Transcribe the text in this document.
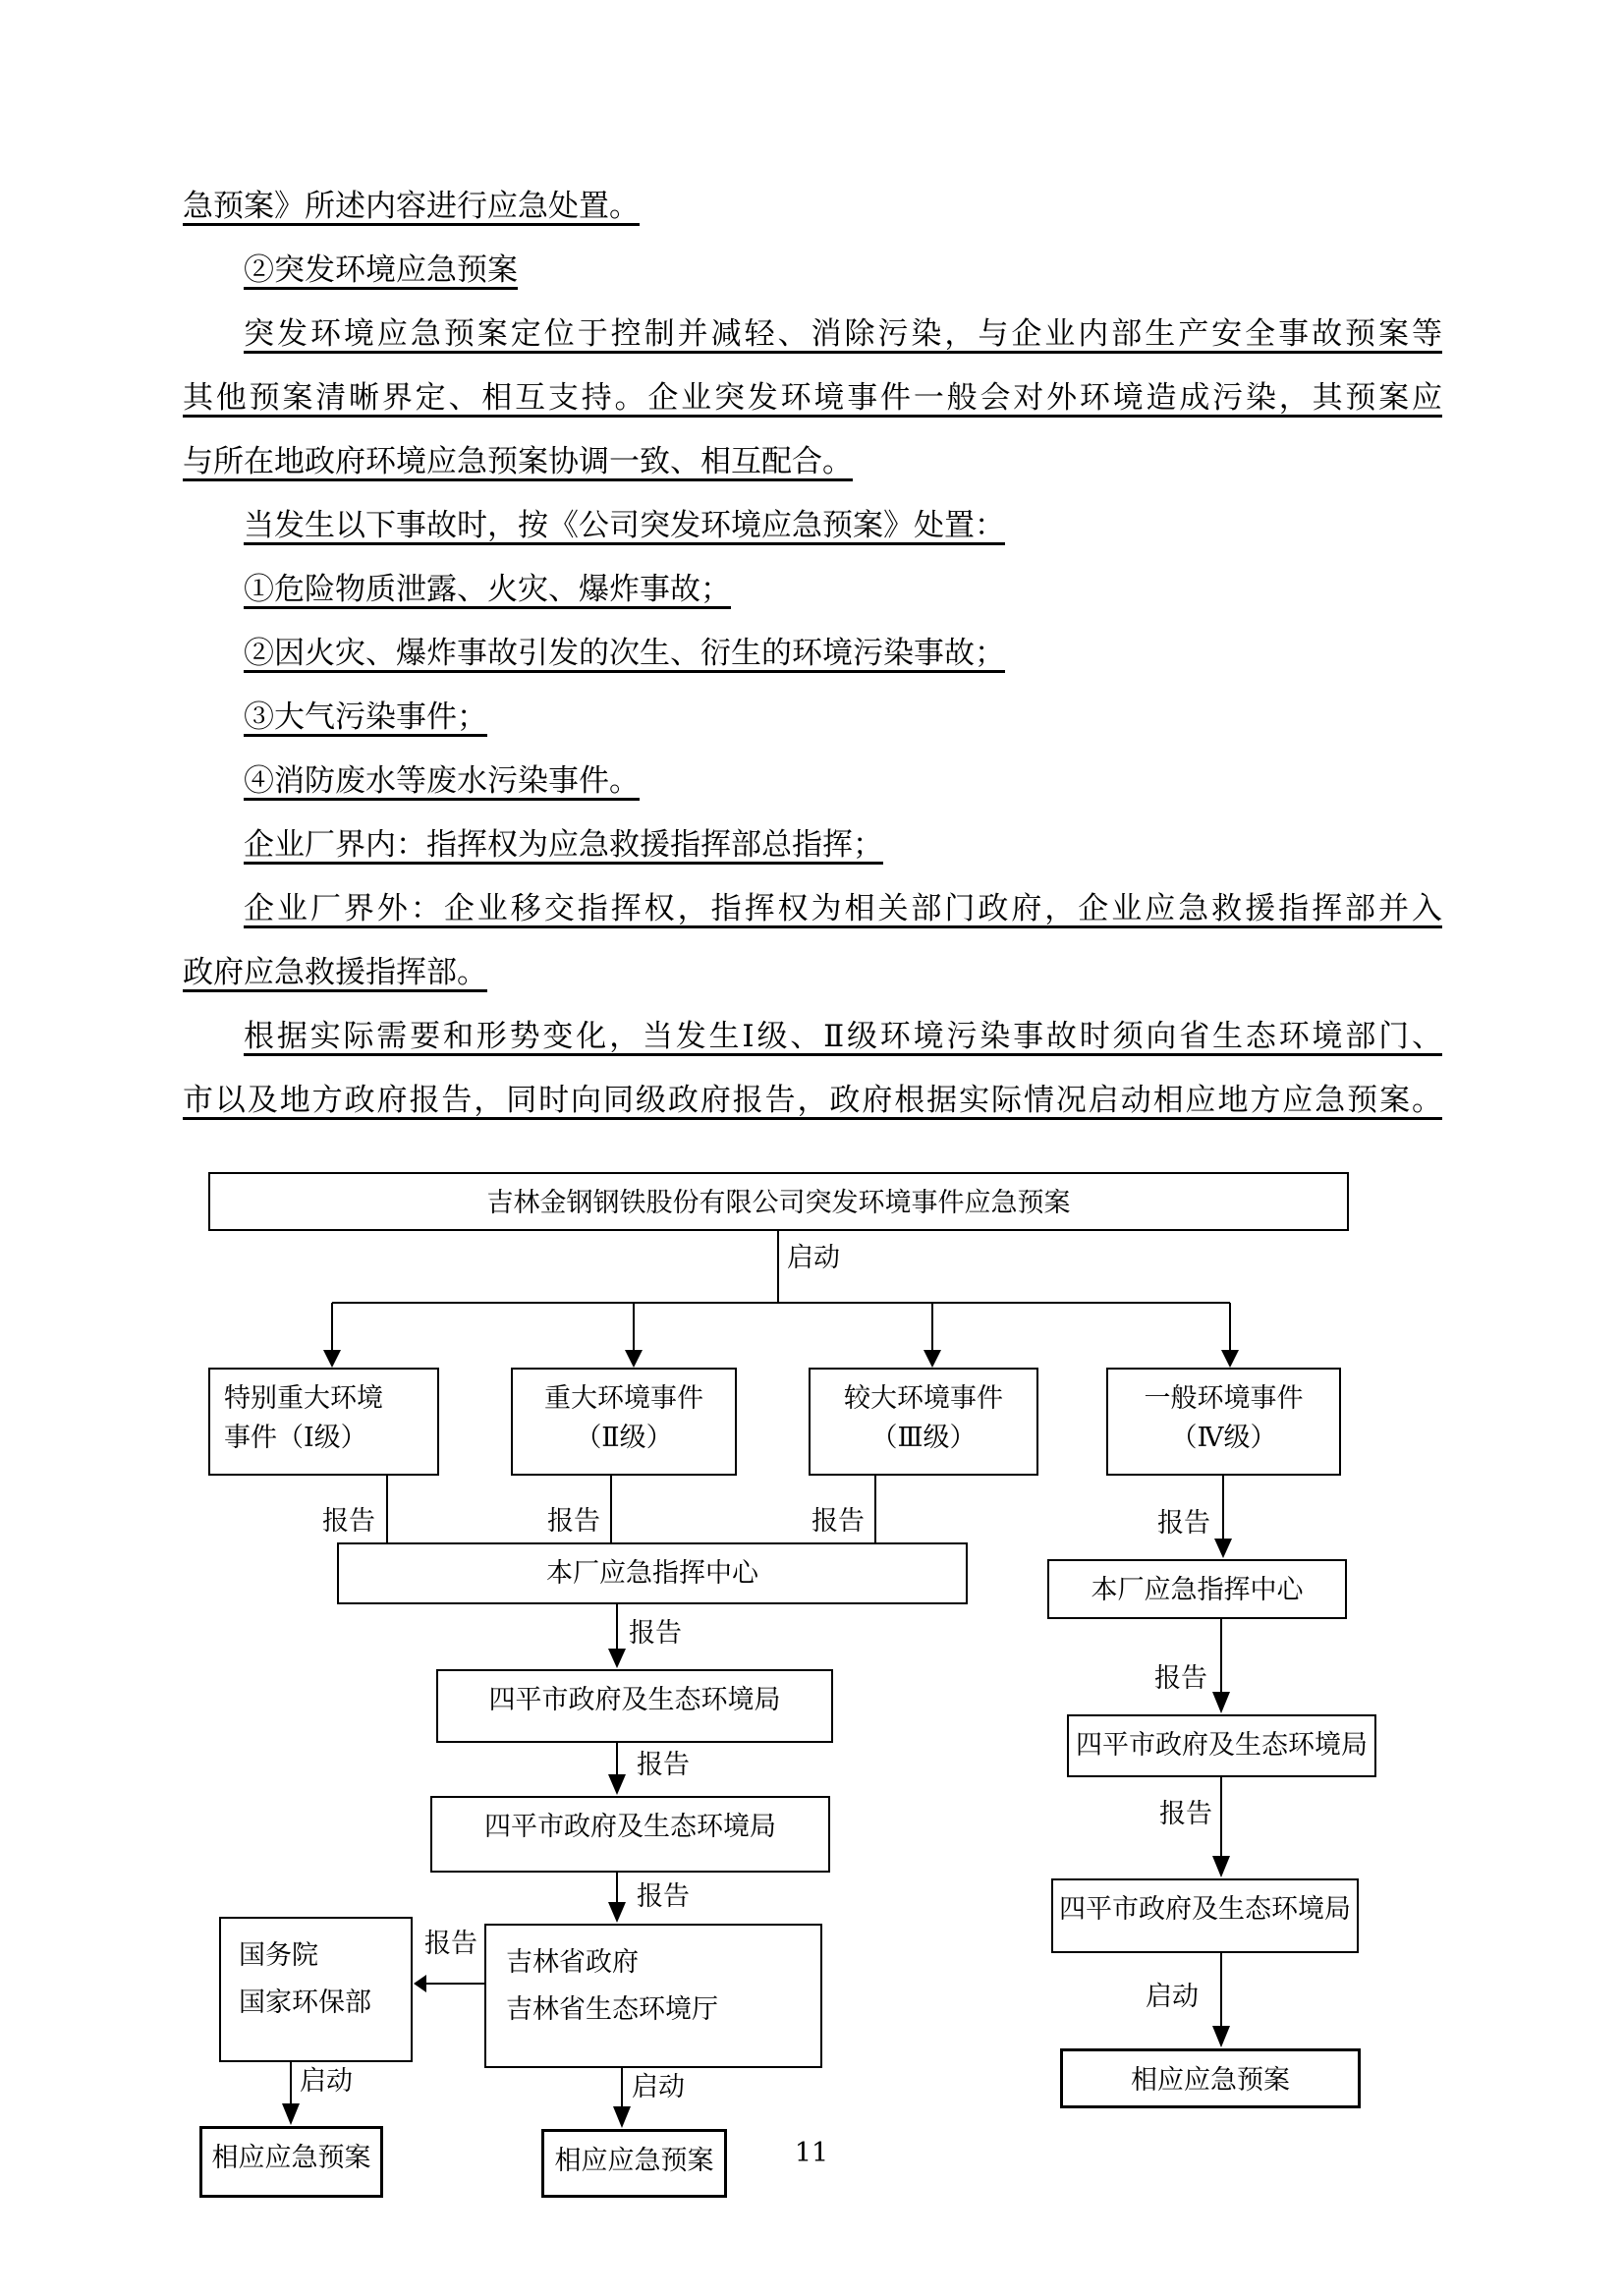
急预案》所述内容进行应急处置。
②突发环境应急预案
突发环境应急预案定位于控制并减轻、消除污染，与企业内部生产安全事故预案等
其他预案清晰界定、相互支持。企业突发环境事件一般会对外环境造成污染，其预案应
与所在地政府环境应急预案协调一致、相互配合。
当发生以下事故时，按《公司突发环境应急预案》处置：
①危险物质泄露、火灾、爆炸事故；
②因火灾、爆炸事故引发的次生、衍生的环境污染事故；
③大气污染事件；
④消防废水等废水污染事件。
企业厂界内：指挥权为应急救援指挥部总指挥；
企业厂界外：企业移交指挥权，指挥权为相关部门政府，企业应急救援指挥部并入
政府应急救援指挥部。
根据实际需要和形势变化，当发生Ⅰ级、Ⅱ级环境污染事故时须向省生态环境部门、
市以及地方政府报告，同时向同级政府报告，政府根据实际情况启动相应地方应急预案。
吉林金钢钢铁股份有限公司突发环境事件应急预案
特别重大环境
事件（Ⅰ级）
重大环境事件
（Ⅱ级）
较大环境事件
（Ⅲ级）
一般环境事件
（Ⅳ级）
本厂应急指挥中心
本厂应急指挥中心
四平市政府及生态环境局
四平市政府及生态环境局
国务院
国家环保部
吉林省政府
吉林省生态环境厅
相应应急预案	相应应急预案
四平市政府及生态环境局
四平市政府及生态环境局
相应应急预案
启动
报告	报告	报告	报告
报告
报告
报告
报告
启动	启动
报告
报告
启动
11
